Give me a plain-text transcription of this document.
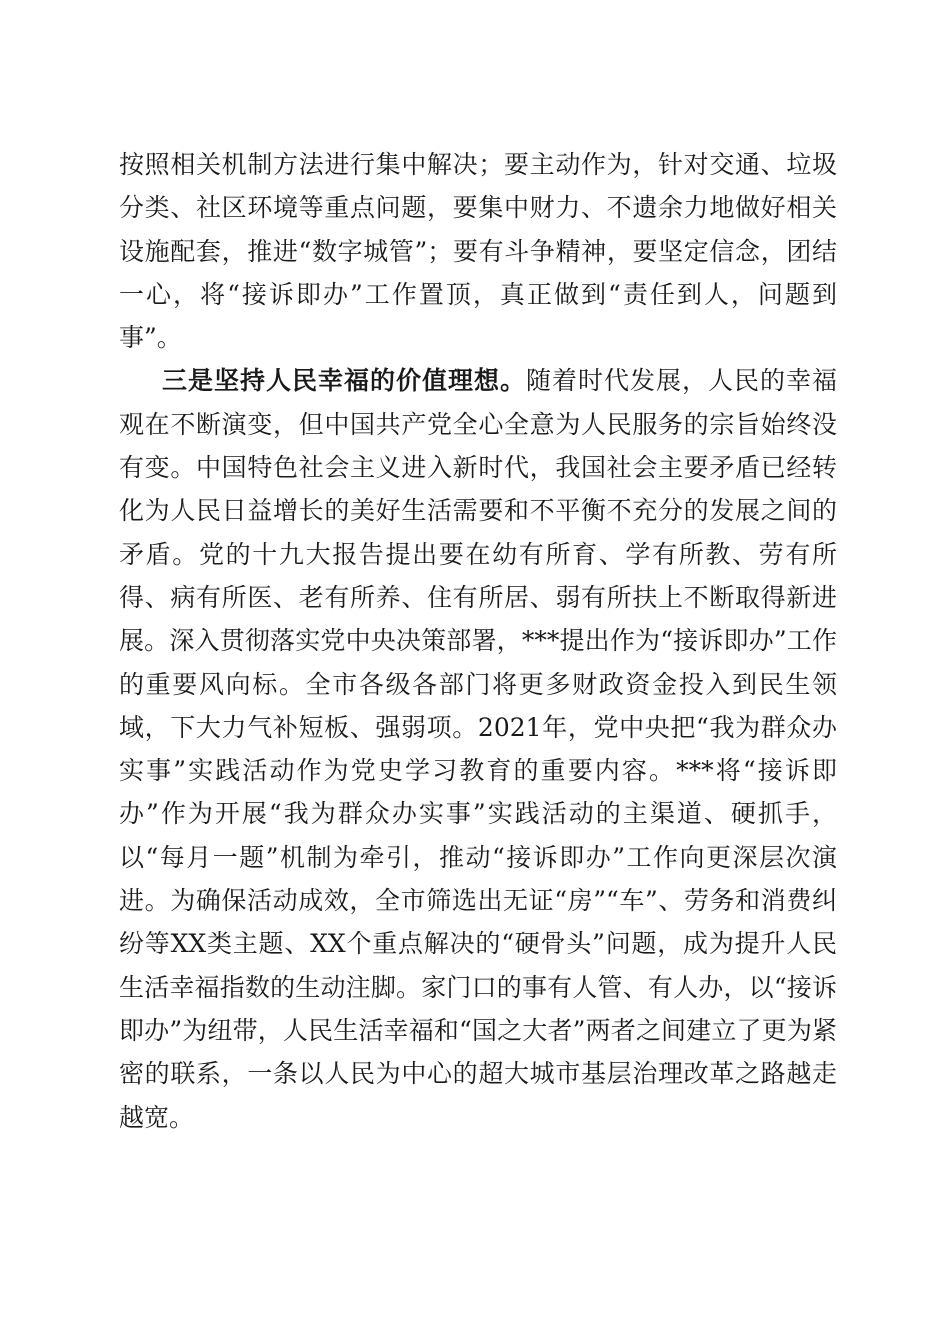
按照相关机制方法进行集中解决；要主动作为，针对交通、垃圾分类、社区环境等重点问题，要集中财力、不遗余力地做好相关设施配套，推进“数字城管”；要有斗争精神，要坚定信念，团结一心，将“接诉即办”工作置顶，真正做到“责任到人，问题到事”。

三是坚持人民幸福的价值理想。随着时代发展，人民的幸福观在不断演变，但中国共产党全心全意为人民服务的宗旨始终没有变。中国特色社会主义进入新时代，我国社会主要矛盾已经转化为人民日益增长的美好生活需要和不平衡不充分的发展之间的矛盾。党的十九大报告提出要在幼有所育、学有所教、劳有所得、病有所医、老有所养、住有所居、弱有所扶上不断取得新进展。深入贯彻落实党中央决策部署，***提出作为“接诉即办”工作的重要风向标。全市各级各部门将更多财政资金投入到民生领域，下大力气补短板、强弱项。2021年，党中央把“我为群众办实事”实践活动作为党史学习教育的重要内容。***将“接诉即办”作为开展“我为群众办实事”实践活动的主渠道、硬抓手，以“每月一题”机制为牵引，推动“接诉即办”工作向更深层次演进。为确保活动成效，全市筛选出无证“房”“车”、劳务和消费纠纷等XX类主题、XX个重点解决的“硬骨头”问题，成为提升人民生活幸福指数的生动注脚。家门口的事有人管、有人办，以“接诉即办”为纽带，人民生活幸福和“国之大者”两者之间建立了更为紧密的联系，一条以人民为中心的超大城市基层治理改革之路越走越宽。
